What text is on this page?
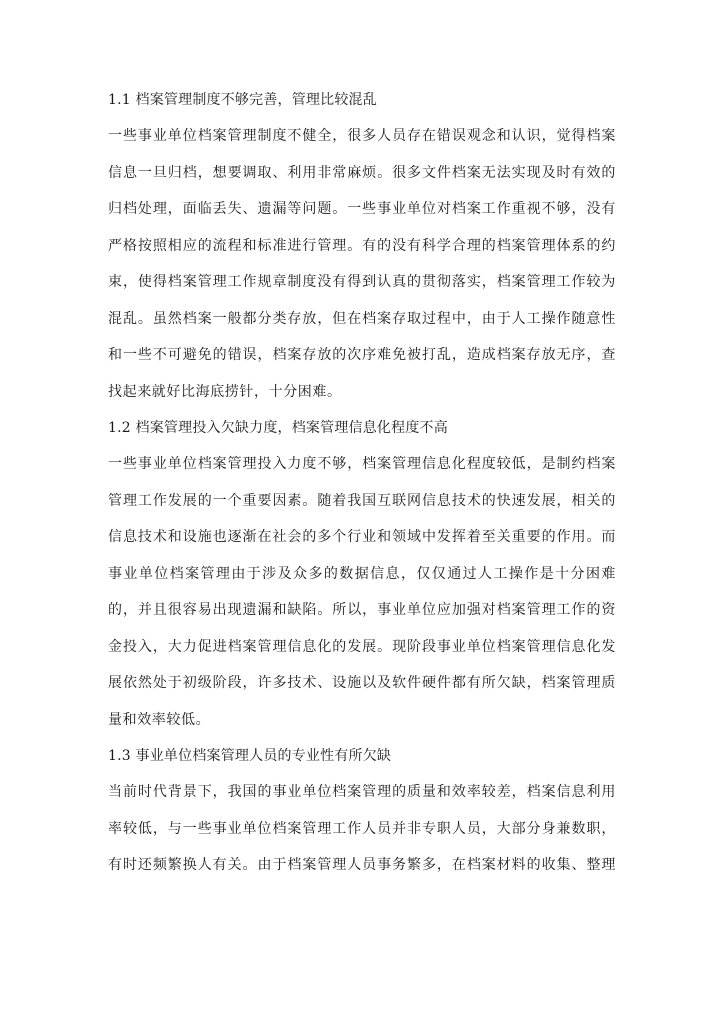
1.1 档案管理制度不够完善，管理比较混乱

一些事业单位档案管理制度不健全，很多人员存在错误观念和认识，觉得档案
信息一旦归档，想要调取、利用非常麻烦。很多文件档案无法实现及时有效的
归档处理，面临丢失、遗漏等问题。一些事业单位对档案工作重视不够，没有
严格按照相应的流程和标准进行管理。有的没有科学合理的档案管理体系的约
束，使得档案管理工作规章制度没有得到认真的贯彻落实，档案管理工作较为
混乱。虽然档案一般都分类存放，但在档案存取过程中，由于人工操作随意性
和一些不可避免的错误，档案存放的次序难免被打乱，造成档案存放无序，查
找起来就好比海底捞针，十分困难。

1.2 档案管理投入欠缺力度，档案管理信息化程度不高

一些事业单位档案管理投入力度不够，档案管理信息化程度较低，是制约档案
管理工作发展的一个重要因素。随着我国互联网信息技术的快速发展，相关的
信息技术和设施也逐渐在社会的多个行业和领域中发挥着至关重要的作用。而
事业单位档案管理由于涉及众多的数据信息，仅仅通过人工操作是十分困难
的，并且很容易出现遗漏和缺陷。所以，事业单位应加强对档案管理工作的资
金投入，大力促进档案管理信息化的发展。现阶段事业单位档案管理信息化发
展依然处于初级阶段，许多技术、设施以及软件硬件都有所欠缺，档案管理质
量和效率较低。

1.3 事业单位档案管理人员的专业性有所欠缺

当前时代背景下，我国的事业单位档案管理的质量和效率较差，档案信息利用
率较低，与一些事业单位档案管理工作人员并非专职人员，大部分身兼数职，
有时还频繁换人有关。由于档案管理人员事务繁多，在档案材料的收集、整理
